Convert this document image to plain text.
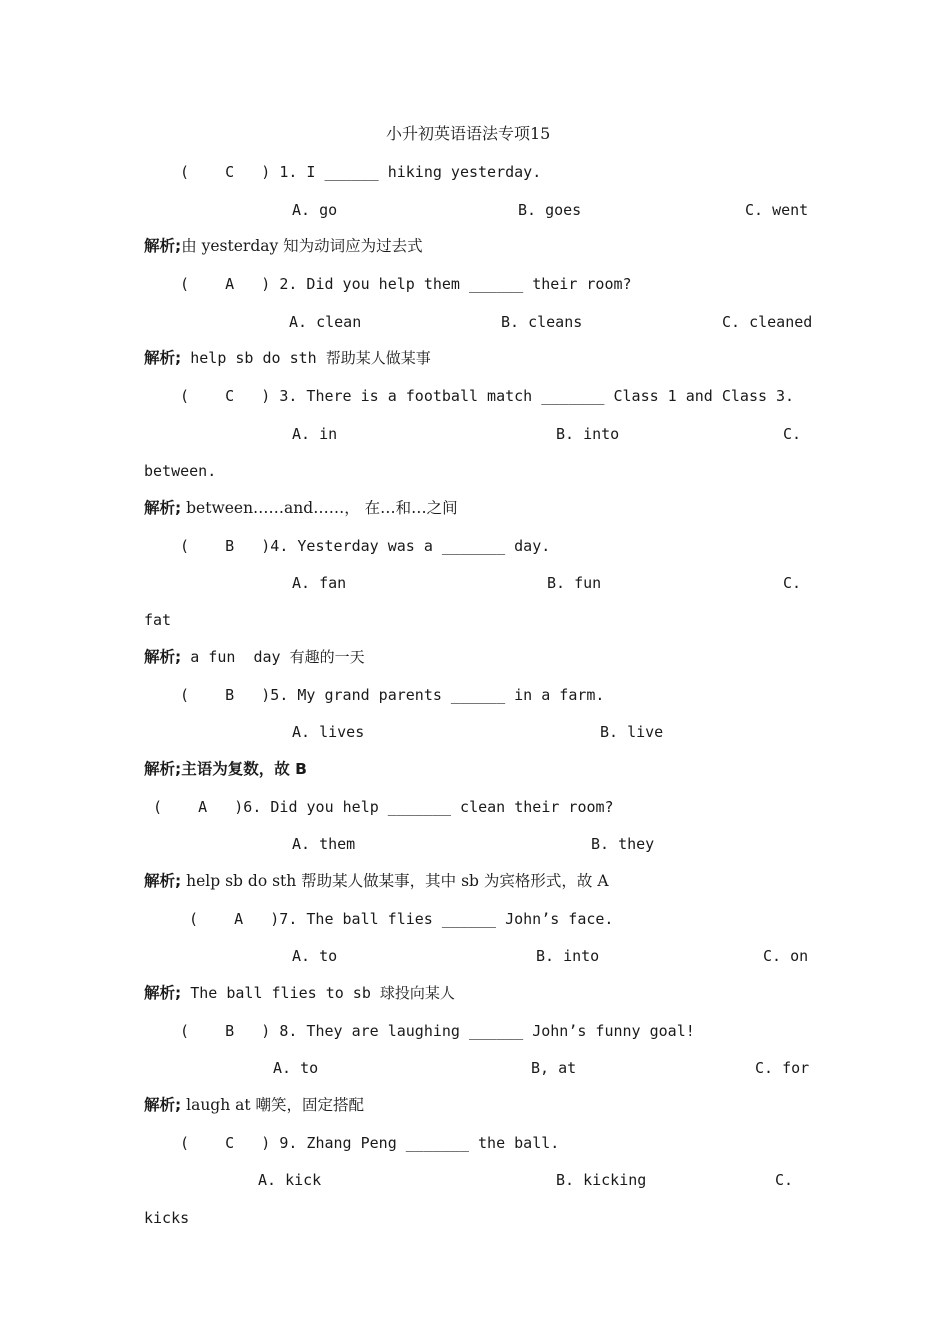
小升初英语语法专项15
(    C   ) 1. I ______ hiking yesterday.
A. go	B. goes	C. went
解析;由 yesterday 知为动词应为过去式
(    A   ) 2. Did you help them ______ their room?
A. clean	B. cleans	C. cleaned
解析; help sb do sth 帮助某人做某事
(    C   ) 3. There is a football match _______ Class 1 and Class 3.
A. in	B. into	C.
between.
解析; between……and……， 在…和…之间
(    B   )4. Yesterday was a _______ day.
A. fan	B. fun	C.
fat
解析; a fun  day 有趣的一天
(    B   )5. My grand parents ______ in a farm.
A. lives	B. live
解析;主语为复数，故 B
(    A   )6. Did you help _______ clean their room?
A. them	B. they
解析; help sb do sth 帮助某人做某事，其中 sb 为宾格形式，故 A
(    A   )7. The ball flies ______ John’s face.
A. to	B. into	C. on
解析; The ball flies to sb 球投向某人
(    B   ) 8. They are laughing ______ John’s funny goal!
A. to	B, at	C. for
解析; laugh at 嘲笑，固定搭配
(    C   ) 9. Zhang Peng _______ the ball.
A. kick	B. kicking	C.
kicks
